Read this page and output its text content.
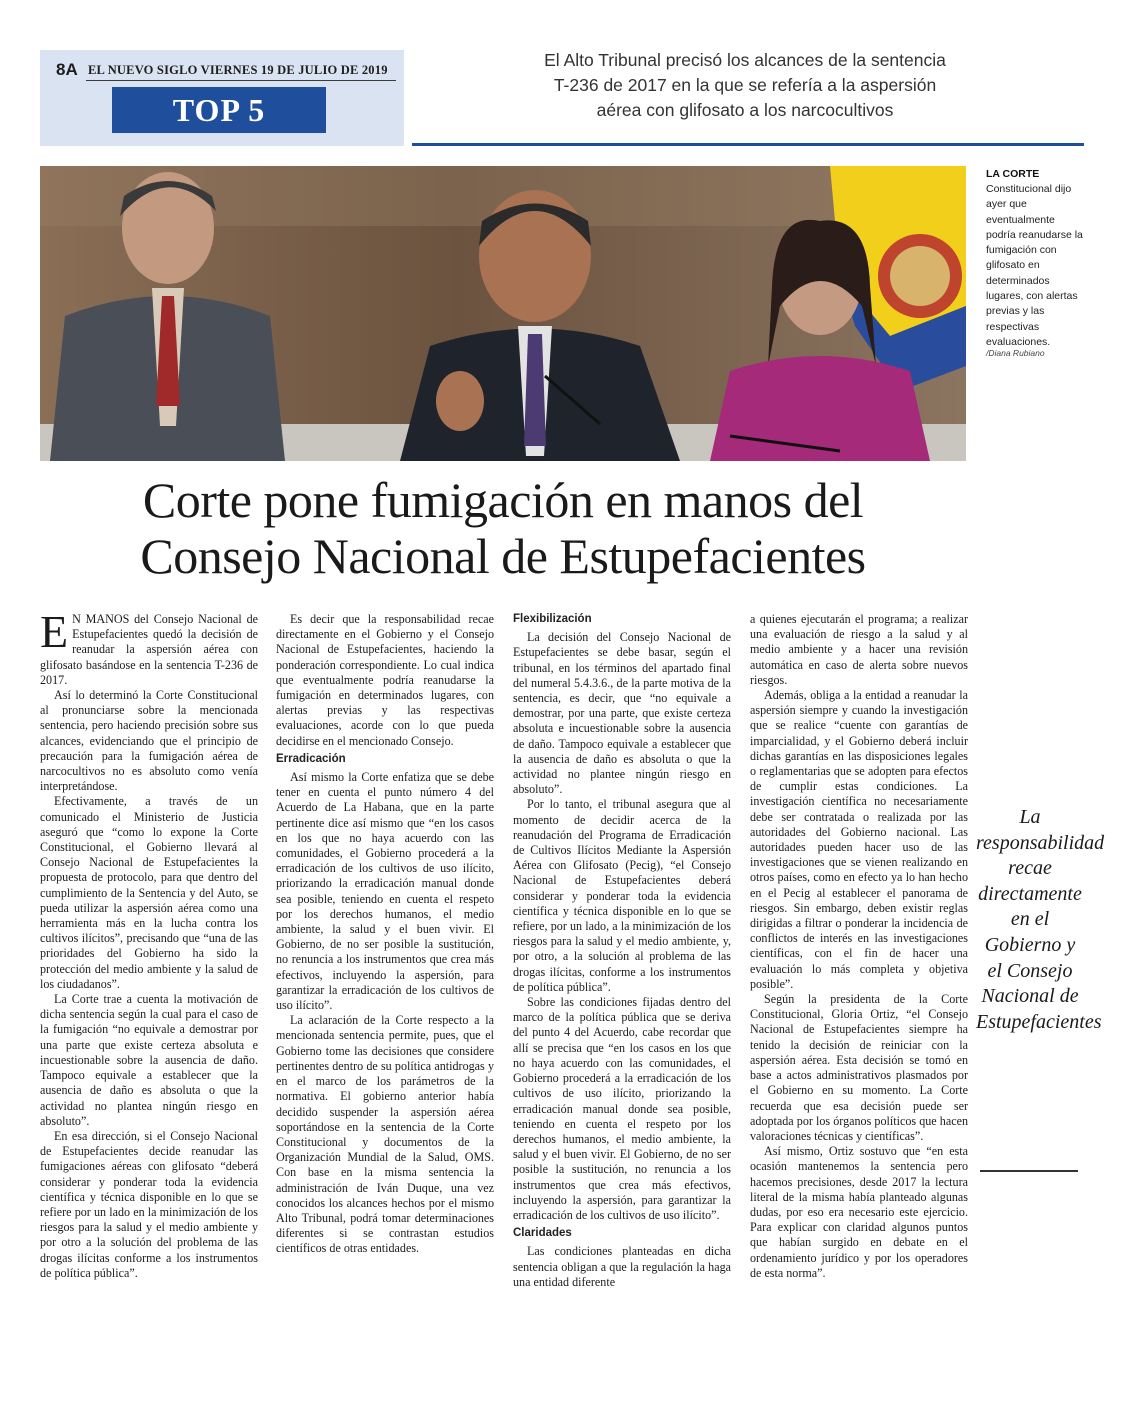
8A EL NUEVO SIGLO VIERNES 19 DE JULIO DE 2019
TOP 5
El Alto Tribunal precisó los alcances de la sentencia
T-236 de 2017 en la que se refería a la aspersión
aérea con glifosato a los narcocultivos
LA CORTE
Constitucional dijo ayer que eventualmente podría reanudarse la fumigación con glifosato en determinados lugares, con alertas previas y las respectivas evaluaciones.
/Diana Rubiano
Corte pone fumigación en manos del
Consejo Nacional de Estupefacientes

E N MANOS del Consejo Nacional de Estupefacientes quedó la decisión de reanudar la aspersión aérea con glifosato basándose en la sentencia T-236 de 2017.

Así lo determinó la Corte Constitucional al pronunciarse sobre la mencionada sentencia, pero haciendo precisión sobre sus alcances, evidenciando que el principio de precaución para la fumigación aérea de narcocultivos no es absoluto como venía interpretándose.

Efectivamente, a través de un comunicado el Ministerio de Justicia aseguró que “como lo expone la Corte Constitucional, el Gobierno llevará al Consejo Nacional de Estupefacientes la propuesta de protocolo, para que dentro del cumplimiento de la Sentencia y del Auto, se pueda utilizar la aspersión aérea como una herramienta más en la lucha contra los cultivos ilícitos”, precisando que “una de las prioridades del Gobierno ha sido la protección del medio ambiente y la salud de los ciudadanos”.

La Corte trae a cuenta la motivación de dicha sentencia según la cual para el caso de la fumigación “no equivale a demostrar por una parte que existe certeza absoluta e incuestionable sobre la ausencia de daño. Tampoco equivale a establecer que la ausencia de daño es absoluta o que la actividad no plantea ningún riesgo en absoluto”.

En esa dirección, si el Consejo Nacional de Estupefacientes decide reanudar las fumigaciones aéreas con glifosato “deberá considerar y ponderar toda la evidencia científica y técnica disponible en lo que se refiere por un lado en la minimización de los riesgos para la salud y el medio ambiente y por otro a la solución del problema de las drogas ilícitas conforme a los instrumentos de política pública”.

Es decir que la responsabilidad recae directamente en el Gobierno y el Consejo Nacional de Estupefacientes, haciendo la ponderación correspondiente. Lo cual indica que eventualmente podría reanudarse la fumigación en determinados lugares, con alertas previas y las respectivas evaluaciones, acorde con lo que pueda decidirse en el mencionado Consejo.

Erradicación

Así mismo la Corte enfatiza que se debe tener en cuenta el punto número 4 del Acuerdo de La Habana, que en la parte pertinente dice así mismo que “en los casos en los que no haya acuerdo con las comunidades, el Gobierno procederá a la erradicación de los cultivos de uso ilícito, priorizando la erradicación manual donde sea posible, teniendo en cuenta el respeto por los derechos humanos, el medio ambiente, la salud y el buen vivir. El Gobierno, de no ser posible la sustitución, no renuncia a los instrumentos que crea más efectivos, incluyendo la aspersión, para garantizar la erradicación de los cultivos de uso ilícito”.

La aclaración de la Corte respecto a la mencionada sentencia permite, pues, que el Gobierno tome las decisiones que considere pertinentes dentro de su política antidrogas y en el marco de los parámetros de la normativa. El gobierno anterior había decidido suspender la aspersión aérea soportándose en la sentencia de la Corte Constitucional y documentos de la Organización Mundial de la Salud, OMS. Con base en la misma sentencia la administración de Iván Duque, una vez conocidos los alcances hechos por el mismo Alto Tribunal, podrá tomar determinaciones diferentes si se contrastan estudios científicos de otras entidades.

Flexibilización

La decisión del Consejo Nacional de Estupefacientes se debe basar, según el tribunal, en los términos del apartado final del numeral 5.4.3.6., de la parte motiva de la sentencia, es decir, que “no equivale a demostrar, por una parte, que existe certeza absoluta e incuestionable sobre la ausencia de daño. Tampoco equivale a establecer que la ausencia de daño es absoluta o que la actividad no plantee ningún riesgo en absoluto”.

Por lo tanto, el tribunal asegura que al momento de decidir acerca de la reanudación del Programa de Erradicación de Cultivos Ilícitos Mediante la Aspersión Aérea con Glifosato (Pecig), “el Consejo Nacional de Estupefacientes deberá considerar y ponderar toda la evidencia científica y técnica disponible en lo que se refiere, por un lado, a la minimización de los riesgos para la salud y el medio ambiente, y, por otro, a la solución al problema de las drogas ilícitas, conforme a los instrumentos de política pública”.

Sobre las condiciones fijadas dentro del marco de la política pública que se deriva del punto 4 del Acuerdo, cabe recordar que allí se precisa que “en los casos en los que no haya acuerdo con las comunidades, el Gobierno procederá a la erradicación de los cultivos de uso ilícito, priorizando la erradicación manual donde sea posible, teniendo en cuenta el respeto por los derechos humanos, el medio ambiente, la salud y el buen vivir. El Gobierno, de no ser posible la sustitución, no renuncia a los instrumentos que crea más efectivos, incluyendo la aspersión, para garantizar la erradicación de los cultivos de uso ilícito”.

Claridades

Las condiciones planteadas en dicha sentencia obligan a que la regulación la haga una entidad diferente

a quienes ejecutarán el programa; a realizar una evaluación de riesgo a la salud y al medio ambiente y a hacer una revisión automática en caso de alerta sobre nuevos riesgos.

Además, obliga a la entidad a reanudar la aspersión siempre y cuando la investigación que se realice “cuente con garantías de imparcialidad, y el Gobierno deberá incluir dichas garantías en las disposiciones legales o reglamentarias que se adopten para efectos de cumplir estas condiciones. La investigación científica no necesariamente debe ser contratada o realizada por las autoridades del Gobierno nacional. Las autoridades pueden hacer uso de las investigaciones que se vienen realizando en otros países, como en efecto ya lo han hecho en el Pecig al establecer el panorama de riesgos. Sin embargo, deben existir reglas dirigidas a filtrar o ponderar la incidencia de conflictos de interés en las investigaciones científicas, con el fin de hacer una evaluación lo más completa y objetiva posible”.

Según la presidenta de la Corte Constitucional, Gloria Ortiz, “el Consejo Nacional de Estupefacientes siempre ha tenido la decisión de reiniciar con la aspersión aérea. Esta decisión se tomó en base a actos administrativos plasmados por el Gobierno en su momento. La Corte recuerda que esa decisión puede ser adoptada por los órganos políticos que hacen valoraciones técnicas y científicas”.

Así mismo, Ortiz sostuvo que “en esta ocasión mantenemos la sentencia pero hacemos precisiones, desde 2017 la lectura literal de la misma había planteado algunas dudas, por eso era necesario este ejercicio. Para explicar con claridad algunos puntos que habían surgido en debate en el ordenamiento jurídico y por los operadores de esta norma”.

La responsabilidad recae directamente en el Gobierno y el Consejo Nacional de Estupefacientes
